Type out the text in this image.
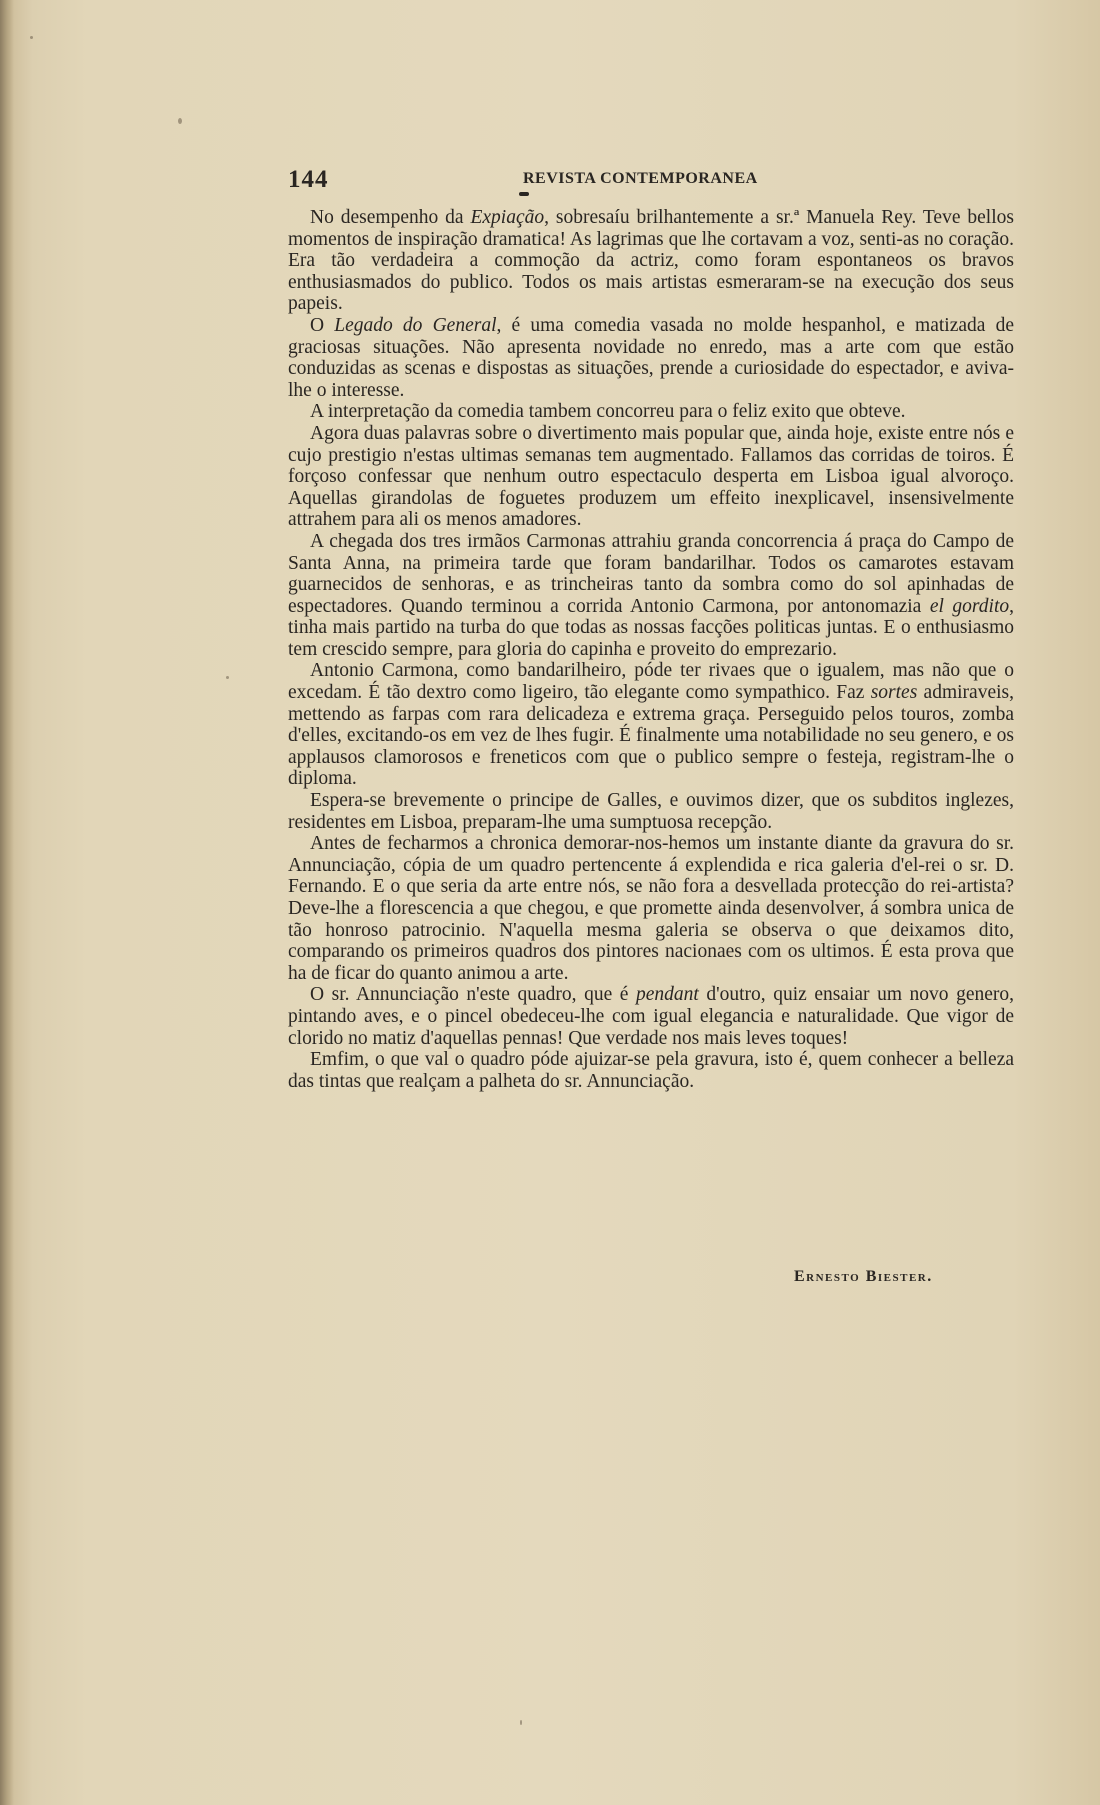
144	REVISTA CONTEMPORANEA

No desempenho da Expiação, sobresaíu brilhantemente a sr.ª Manuela Rey. Teve bellos momentos de inspiração dramatica! As lagrimas que lhe cortavam a voz, senti-as no coração. Era tão verdadeira a commoção da actriz, como foram espontaneos os bravos enthusiasmados do publico. Todos os mais artistas esmeraram-se na execução dos seus papeis.

O Legado do General, é uma comedia vasada no molde hespanhol, e matizada de graciosas situações. Não apresenta novidade no enredo, mas a arte com que estão conduzidas as scenas e dispostas as situações, prende a curiosidade do espectador, e aviva-lhe o interesse.

A interpretação da comedia tambem concorreu para o feliz exito que obteve.

Agora duas palavras sobre o divertimento mais popular que, ainda hoje, existe entre nós e cujo prestigio n'estas ultimas semanas tem augmentado. Fallamos das corridas de toiros. É forçoso confessar que nenhum outro espectaculo desperta em Lisboa igual alvoroço. Aquellas girandolas de foguetes produzem um effeito inexplicavel, insensivelmente attrahem para ali os menos amadores.

A chegada dos tres irmãos Carmonas attrahiu granda concorrencia á praça do Campo de Santa Anna, na primeira tarde que foram bandarilhar. Todos os camarotes estavam guarnecidos de senhoras, e as trincheiras tanto da sombra como do sol apinhadas de espectadores. Quando terminou a corrida Antonio Carmona, por antonomazia el gordito, tinha mais partido na turba do que todas as nossas facções politicas juntas. E o enthusiasmo tem crescido sempre, para gloria do capinha e proveito do emprezario.

Antonio Carmona, como bandarilheiro, póde ter rivaes que o igualem, mas não que o excedam. É tão dextro como ligeiro, tão elegante como sympathico. Faz sortes admiraveis, mettendo as farpas com rara delicadeza e extrema graça. Perseguido pelos touros, zomba d'elles, excitando-os em vez de lhes fugir. É finalmente uma notabilidade no seu genero, e os applausos clamorosos e freneticos com que o publico sempre o festeja, registram-lhe o diploma.

Espera-se brevemente o principe de Galles, e ouvimos dizer, que os subditos inglezes, residentes em Lisboa, preparam-lhe uma sumptuosa recepção.

Antes de fecharmos a chronica demorar-nos-hemos um instante diante da gravura do sr. Annunciação, cópia de um quadro pertencente á explendida e rica galeria d'el-rei o sr. D. Fernando. E o que seria da arte entre nós, se não fora a desvellada protecção do rei-artista? Deve-lhe a florescencia a que chegou, e que promette ainda desenvolver, á sombra unica de tão honroso patrocinio. N'aquella mesma galeria se observa o que deixamos dito, comparando os primeiros quadros dos pintores nacionaes com os ultimos. É esta prova que ha de ficar do quanto animou a arte.

O sr. Annunciação n'este quadro, que é pendant d'outro, quiz ensaiar um novo genero, pintando aves, e o pincel obedeceu-lhe com igual elegancia e naturalidade. Que vigor de clorido no matiz d'aquellas pennas! Que verdade nos mais leves toques!

Emfim, o que val o quadro póde ajuizar-se pela gravura, isto é, quem conhecer a belleza das tintas que realçam a palheta do sr. Annunciação.

Ernesto Biester.
